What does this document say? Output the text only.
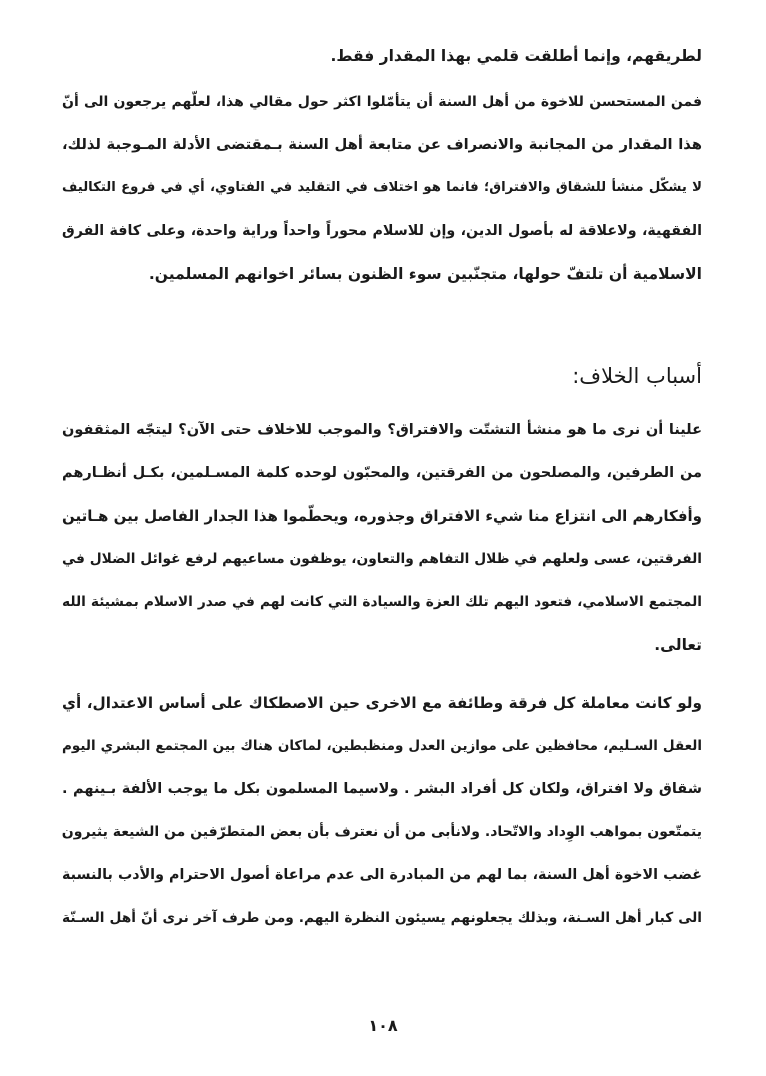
لطريقهم، وإنما أطلقت قلمي بهذا المقدار فقط.
فمن المستحسن للاخوة من أهل السنة أن يتأمّلوا اكثر حول مقالي هذا، لعلّهم يرجعون الى أنّ
هذا المقدار من المجانبة والانصراف عن متابعة أهل السنة بـمقتضى الأدلة المـوجبة لذلك،
لا يشكّل منشأ للشقاق والافتراق؛ فانما هو اختلاف في التقليد في الفتاوي، أي في فروع التكاليف
الفقهية، ولاعلاقة له بأصول الدين، وإن للاسلام محوراً واحداً وراية واحدة، وعلى كافة الفرق
الاسلامية أن تلتفّ حولها، متجنّبين سوء الظنون بسائر اخوانهم المسلمين.
أسباب الخلاف:
علينا أن نرى ما هو منشأ التشتّت والافتراق؟ والموجب للاخلاف حتى الآن؟ ليتجّه المثقفون
من الطرفين، والمصلحون من الفرقتين، والمحبّون لوحده كلمة المسـلمين، بكـل أنظـارهم
وأفكارهم الى انتزاع منا شيء الافتراق وجذوره، ويحطّموا هذا الجدار الفاصل بين هـاتين
الفرقتين، عسى ولعلهم في ظلال التفاهم والتعاون، يوظفون مساعيهم لرفع غوائل الضلال في
المجتمع الاسلامي، فتعود اليهم تلك العزة والسيادة التي كانت لهم في صدر الاسلام بمشيئة الله
تعالى.
ولو كانت معاملة كل فرقة وطائفة مع الاخرى حين الاصطكاك على أساس الاعتدال، أي
العقل السـليم، محافظين على موازين العدل ومنظبطين، لماكان هناك بين المجتمع البشري اليوم
شقاق ولا افتراق، ولكان كل أفراد البشر . ولاسيما المسلمون بكل ما يوجب الألفة بـينهم .
يتمتّعون بمواهب الوِداد والاتّحاد. ولانأبى من أن نعترف بأن بعض المتطرّفين من الشيعة يثيرون
غضب الاخوة أهل السنة، بما لهم من المبادرة الى عدم مراعاة أصول الاحترام والأدب بالنسبة
الى كبار أهل السـنة، وبذلك يجعلونهم يسيئون النظرة اليهم. ومن طرف آخر نرى أنّ أهل السـنّة
١٠٨
